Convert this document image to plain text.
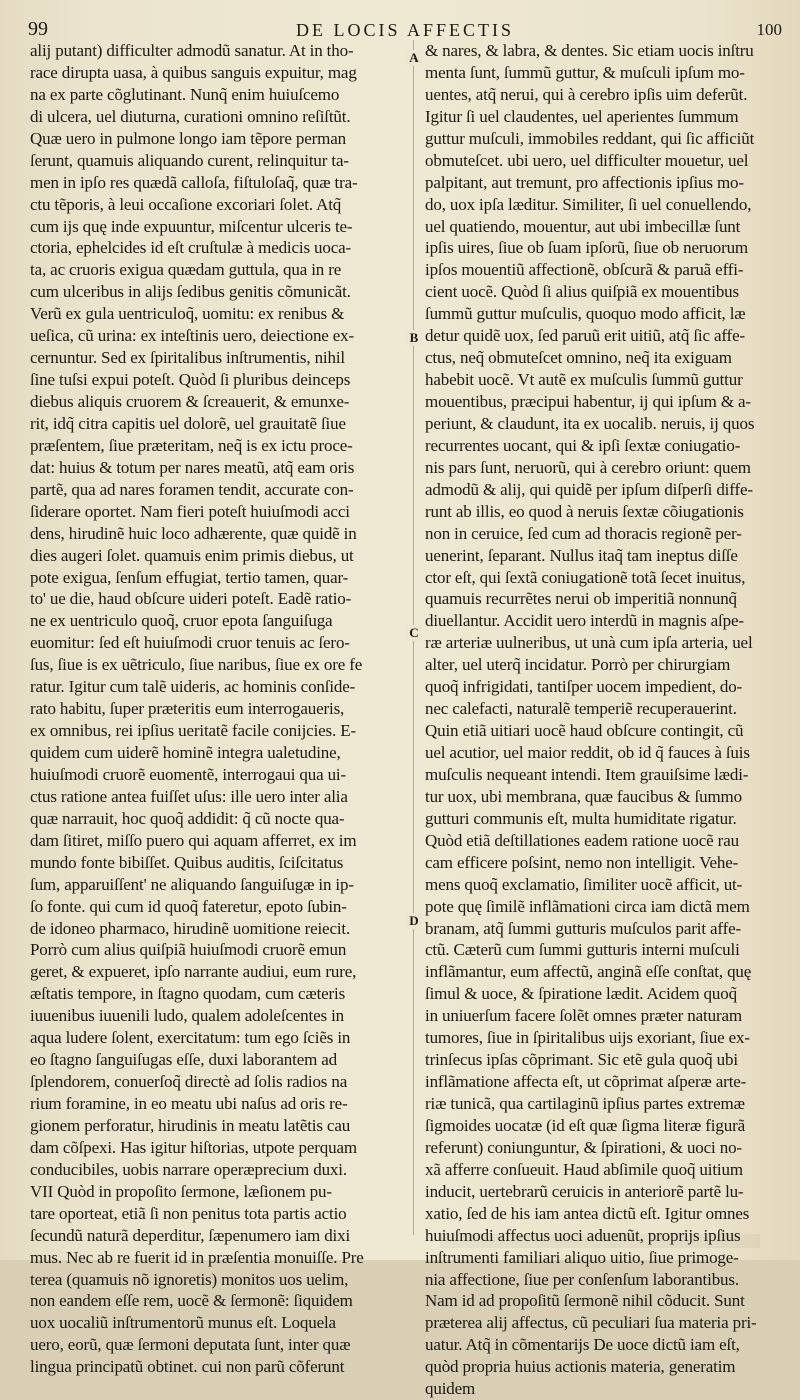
99	DE LOCIS AFFECTIS	100
alij putant) difficulter admodũ sanatur. At in tho-
race dirupta uasa, à quibus sanguis expuitur, mag
na ex parte cõglutinant. Nunq̃ enim huiuſcemo
di ulcera, uel diuturna, curationi omnino reſiſtũt.
Quæ uero in pulmone longo iam tẽpore perman
ſerunt, quamuis aliquando curent, relinquitur ta-
men in ipſo res quædã calloſa, fiſtuloſaq̃, quæ tra-
ctu tẽporis, à leui occaſione excoriari ſolet. Atq̃
cum ijs quę inde expuuntur, miſcentur ulceris te-
ctoria, ephelcides id eſt cruſtulæ à medicis uoca-
ta, ac cruoris exigua quædam guttula, qua in re
cum ulceribus in alijs ſedibus genitis cõmunicãt.
Verũ ex gula uentriculoq̃, uomitu: ex renibus &
ueſica, cũ urina: ex inteſtinis uero, deiectione ex-
cernuntur. Sed ex ſpiritalibus inſtrumentis, nihil
ſine tuſsi expui poteſt. Quòd ſi pluribus deinceps
diebus aliquis cruorem & ſcreauerit, & emunxe-
rit, idq̃ citra capitis uel dolorẽ, uel grauitatẽ ſiue
præſentem, ſiue præteritam, neq̃ is ex ictu proce-
dat: huius & totum per nares meatũ, atq̃ eam oris
partẽ, qua ad nares foramen tendit, accurate con-
ſiderare oportet. Nam fieri poteſt huiuſmodi acci
dens, hirudinẽ huic loco adhærente, quæ quidẽ in
dies augeri ſolet. quamuis enim primis diebus, ut
pote exigua, ſenſum effugiat, tertio tamen, quar-
to' ue die, haud obſcure uideri poteſt. Eadẽ ratio-
ne ex uentriculo quoq̃, cruor epota ſanguiſuga
euomitur: ſed eſt huiuſmodi cruor tenuis ac ſero-
ſus, ſiue is ex uẽtriculo, ſiue naribus, ſiue ex ore fe
ratur. Igitur cum talẽ uideris, ac hominis conſide-
rato habitu, ſuper præteritis eum interrogaueris,
ex omnibus, rei ipſius ueritatẽ facile conijcies. E-
quidem cum uiderẽ hominẽ integra ualetudine,
huiuſmodi cruorẽ euomentẽ, interrogaui qua ui-
ctus ratione antea fuiſſet uſus: ille uero inter alia
quæ narrauit, hoc quoq̃ addidit: q̃ cũ nocte qua-
dam ſitiret, miſſo puero qui aquam afferret, ex im
mundo fonte bibiſſet. Quibus auditis, ſciſcitatus
ſum, apparuiſſent' ne aliquando ſanguiſugæ in ip-
ſo fonte. qui cum id quoq̃ fateretur, epoto ſubin-
de idoneo pharmaco, hirudinẽ uomitione reiecit.
Porrò cum alius quiſpiã huiuſmodi cruorẽ emun
geret, & expueret, ipſo narrante audiui, eum rure,
æſtatis tempore, in ſtagno quodam, cum cæteris
iuuenibus iuuenili ludo, qualem adoleſcentes in
aqua ludere ſolent, exercitatum: tum ego ſciẽs in
eo ſtagno ſanguiſugas eſſe, duxi laborantem ad
ſplendorem, conuerſoq̃ directè ad ſolis radios na
rium foramine, in eo meatu ubi naſus ad oris re-
gionem perforatur, hirudinis in meatu latẽtis cau
dam cõſpexi. Has igitur hiſtorias, utpote perquam
conducibiles, uobis narrare operæprecium duxi.
VII Quòd in propoſito ſermone, læſionem pu-
tare oporteat, etiã ſi non penitus tota partis actio
ſecundũ naturã deperditur, ſæpenumero iam dixi
mus. Nec ab re fuerit id in præſentia monuiſſe. Pre
terea (quamuis nõ ignoretis) monitos uos uelim,
non eandem eſſe rem, uocẽ & ſermonẽ: ſiquidem
uox uocaliũ inſtrumentorũ munus eſt. Loquela
uero, eorũ, quæ ſermoni deputata ſunt, inter quæ
lingua principatũ obtinet. cui non parũ cõferunt
A
B
C
D
& nares, & labra, & dentes. Sic etiam uocis inſtru
menta ſunt, ſummũ guttur, & muſculi ipſum mo-
uentes, atq̃ nerui, qui à cerebro ipſis uim deferũt.
Igitur ſi uel claudentes, uel aperientes ſummum
guttur muſculi, immobiles reddant, qui ſic afficiũt
obmuteſcet. ubi uero, uel difficulter mouetur, uel
palpitant, aut tremunt, pro affectionis ipſius mo-
do, uox ipſa læditur. Similiter, ſi uel conuellendo,
uel quatiendo, mouentur, aut ubi imbecillæ ſunt
ipſis uires, ſiue ob ſuam ipſorũ, ſiue ob neruorum
ipſos mouentiũ affectionẽ, obſcurã & paruã effi-
cient uocẽ. Quòd ſi alius quiſpiã ex mouentibus
ſummũ guttur muſculis, quoquo modo afficit, læ
detur quidẽ uox, ſed paruũ erit uitiũ, atq̃ ſic affe-
ctus, neq̃ obmuteſcet omnino, neq̃ ita exiguam
habebit uocẽ. Vt autẽ ex muſculis ſummũ guttur
mouentibus, præcipui habentur, ij qui ipſum & a-
periunt, & claudunt, ita ex uocalib. neruis, ij quos
recurrentes uocant, qui & ipſi ſextæ coniugatio-
nis pars ſunt, neruorũ, qui à cerebro oriunt: quem
admodũ & alij, qui quidẽ per ipſum diſperſi diffe-
runt ab illis, eo quod à neruis ſextæ cõiugationis
non in ceruice, ſed cum ad thoracis regionẽ per-
uenerint, ſeparant. Nullus itaq̃ tam ineptus diſſe
ctor eſt, qui ſextã coniugationẽ totã ſecet inuitus,
quamuis recurrẽtes nerui ob imperitiã nonnunq̃
diuellantur. Accidit uero interdũ in magnis aſpe-
ræ arteriæ uulneribus, ut unà cum ipſa arteria, uel
alter, uel uterq̃ incidatur. Porrò per chirurgiam
quoq̃ infrigidati, tantiſper uocem impedient, do-
nec calefacti, naturalẽ temperiẽ recuperauerint.
Quin etiã uitiari uocẽ haud obſcure contingit, cũ
uel acutior, uel maior reddit, ob id q̃ fauces à ſuis
muſculis nequeant intendi. Item grauiſsime lædi-
tur uox, ubi membrana, quæ faucibus & ſummo
gutturi communis eſt, multa humiditate rigatur.
Quòd etiã deſtillationes eadem ratione uocẽ rau
cam efficere poſsint, nemo non intelligit. Vehe-
mens quoq̃ exclamatio, ſimiliter uocẽ afficit, ut-
pote quę ſimilẽ inflãmationi circa iam dictã mem
branam, atq̃ ſummi gutturis muſculos parit affe-
ctũ. Cæterũ cum ſummi gutturis interni muſculi
inflãmantur, eum affectũ, anginã eſſe conſtat, quę
ſimul & uoce, & ſpiratione lædit. Acidem quoq̃
in uniuerſum facere ſolẽt omnes præter naturam
tumores, ſiue in ſpiritalibus uijs exoriant, ſiue ex-
trinſecus ipſas cõprimant. Sic etẽ gula quoq̃ ubi
inflãmatione affecta eſt, ut cõprimat aſperæ arte-
riæ tunicã, qua cartilaginũ ipſius partes extremæ
ſigmoides uocatæ (id eſt quæ ſigma literæ figurã
referunt) coniunguntur, & ſpirationi, & uoci no-
xã afferre conſueuit. Haud abſimile quoq̃ uitium
inducit, uertebrarũ ceruicis in anteriorẽ partẽ lu-
xatio, ſed de his iam antea dictũ eſt. Igitur omnes
huiuſmodi affectus uoci aduenũt, proprijs ipſius
inſtrumenti familiari aliquo uitio, ſiue primoge-
nia affectione, ſiue per conſenſum laborantibus.
Nam id ad propoſitũ ſermonẽ nihil cõducit. Sunt
præterea alij affectus, cũ peculiari ſua materia pri-
uatur. Atq̃ in cõmentarijs De uoce dictũ iam eſt,
quòd propria huius actionis materia, generatim
quidem
